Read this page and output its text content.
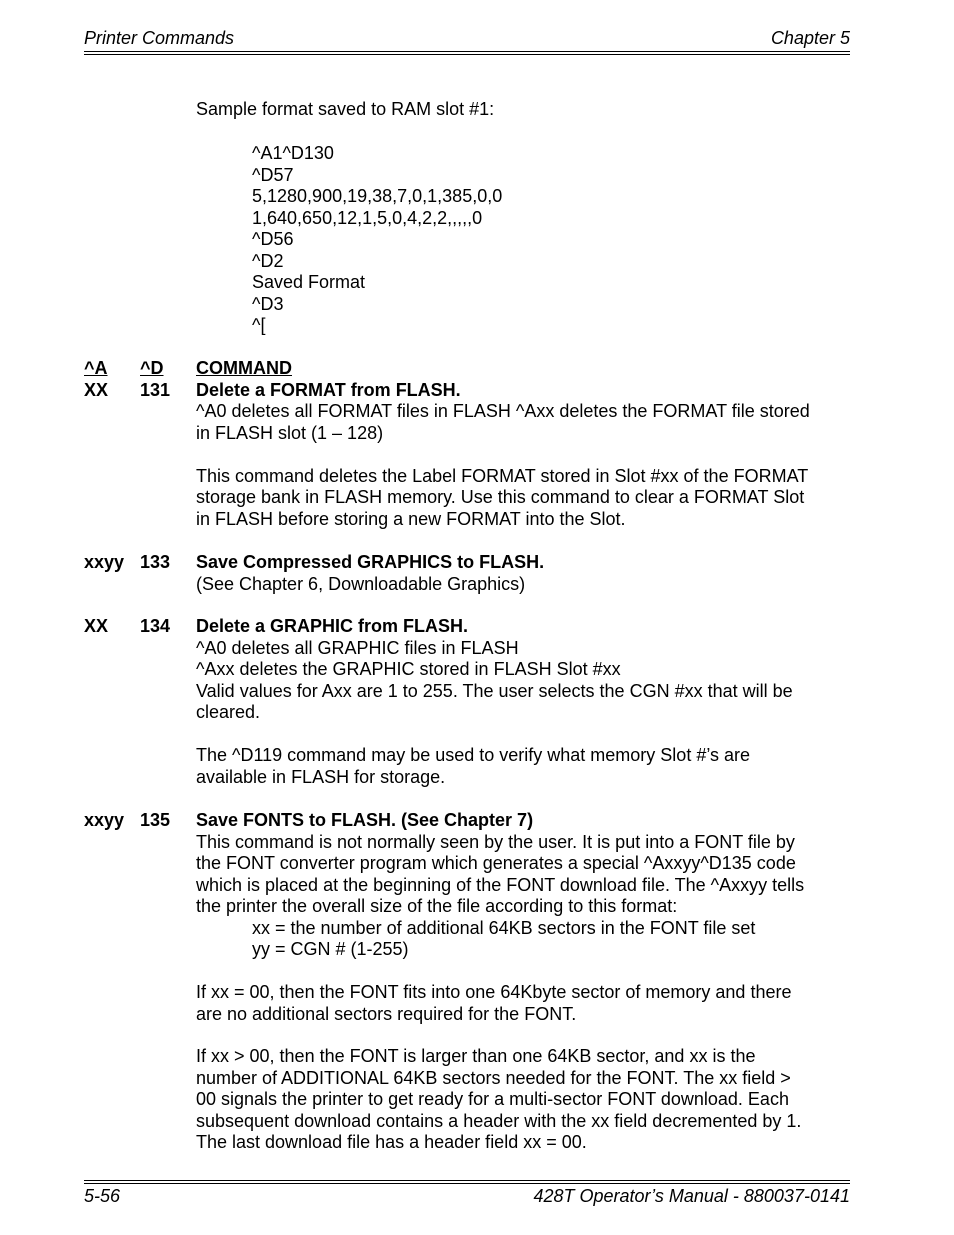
Printer Commands	Chapter 5
Sample format saved to RAM slot #1:
^A1^D130
^D57
5,1280,900,19,38,7,0,1,385,0,0
1,640,650,12,1,5,0,4,2,2,,,,,0
^D56
^D2
Saved Format
^D3
^[
^A ^D COMMAND
XX 131 Delete a FORMAT from FLASH.
^A0 deletes all FORMAT files in FLASH ^Axx deletes the FORMAT file stored
in FLASH slot (1 – 128)
This command deletes the Label FORMAT stored in Slot #xx of the FORMAT
storage bank in FLASH memory. Use this command to clear a FORMAT Slot
in FLASH before storing a new FORMAT into the Slot.
xxyy 133 Save Compressed GRAPHICS to FLASH.
(See Chapter 6, Downloadable Graphics)
XX 134 Delete a GRAPHIC from FLASH.
^A0 deletes all GRAPHIC files in FLASH
^Axx deletes the GRAPHIC stored in FLASH Slot #xx
Valid values for Axx are 1 to 255. The user selects the CGN #xx that will be
cleared.
The ^D119 command may be used to verify what memory Slot #’s are
available in FLASH for storage.
xxyy 135 Save FONTS to FLASH. (See Chapter 7)
This command is not normally seen by the user. It is put into a FONT file by
the FONT converter program which generates a special ^Axxyy^D135 code
which is placed at the beginning of the FONT download file. The ^Axxyy tells
the printer the overall size of the file according to this format:
xx = the number of additional 64KB sectors in the FONT file set
yy = CGN # (1-255)
If xx = 00, then the FONT fits into one 64Kbyte sector of memory and there
are no additional sectors required for the FONT.
If xx > 00, then the FONT is larger than one 64KB sector, and xx is the
number of ADDITIONAL 64KB sectors needed for the FONT. The xx field >
00 signals the printer to get ready for a multi-sector FONT download. Each
subsequent download contains a header with the xx field decremented by 1.
The last download file has a header field xx = 00.
5-56	428T Operator’s Manual - 880037-0141
